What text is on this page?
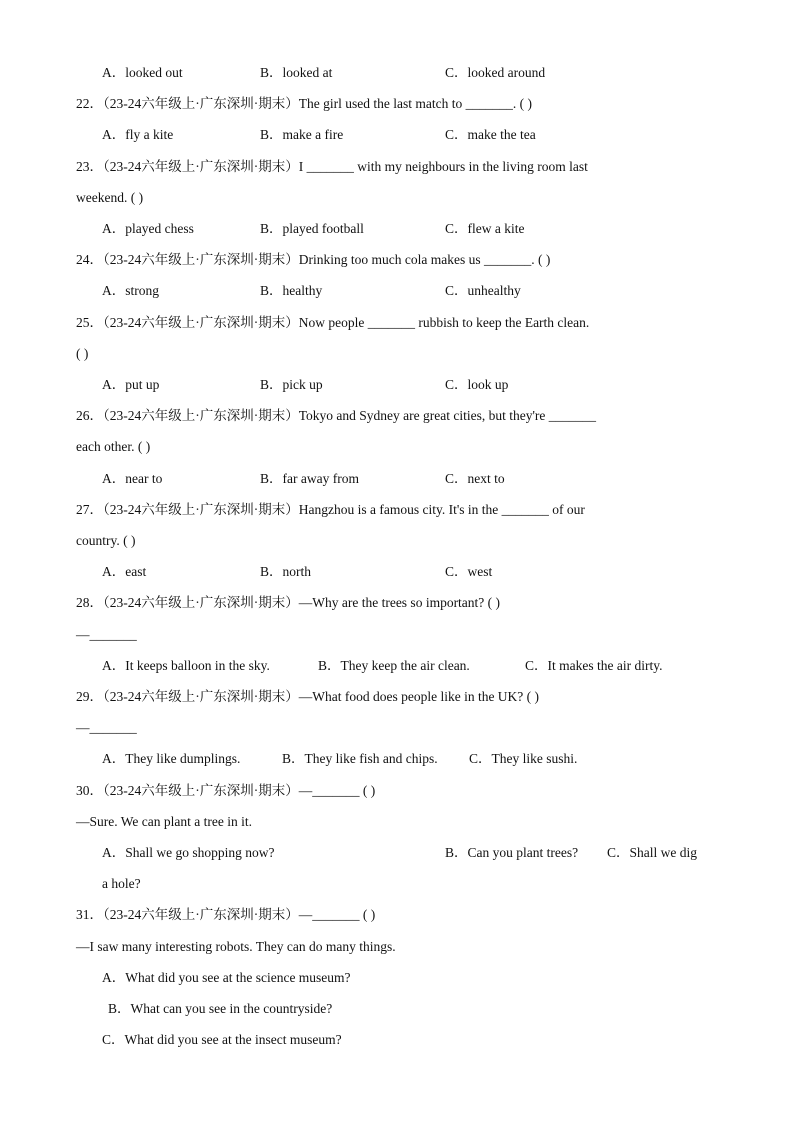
A．looked out	B．looked at	C．looked around
22．（23-24六年级上·广东深圳·期末）The girl used the last match to _______. ( )
A．fly a kite	B．make a fire	C．make the tea
23．（23-24六年级上·广东深圳·期末）I _______ with my neighbours in the living room last
weekend. ( )
A．played chess	B．played football	C．flew a kite
24．（23-24六年级上·广东深圳·期末）Drinking too much cola makes us _______. ( )
A．strong	B．healthy	C．unhealthy
25．（23-24六年级上·广东深圳·期末）Now people _______ rubbish to keep the Earth clean.
( )
A．put up	B．pick up	C．look up
26．（23-24六年级上·广东深圳·期末）Tokyo and Sydney are great cities, but they're _______
each other. ( )
A．near to	B．far away from	C．next to
27．（23-24六年级上·广东深圳·期末）Hangzhou is a famous city. It's in the _______ of our
country. ( )
A．east	B．north	C．west
28．（23-24六年级上·广东深圳·期末）—Why are the trees so important? ( )
—_______
A．It keeps balloon in the sky.	B．They keep the air clean.	C．It makes the air dirty.
29．（23-24六年级上·广东深圳·期末）—What food does people like in the UK? ( )
—_______
A．They like dumplings.	B．They like fish and chips. C．They like sushi.
30．（23-24六年级上·广东深圳·期末）—_______ ( )
—Sure. We can plant a tree in it.
A．Shall we go shopping now?	B．Can you plant trees? C．Shall we dig
a hole?
31．（23-24六年级上·广东深圳·期末）—_______ ( )
—I saw many interesting robots. They can do many things.
A．What did you see at the science museum?
B．What can you see in the countryside?
C．What did you see at the insect museum?
